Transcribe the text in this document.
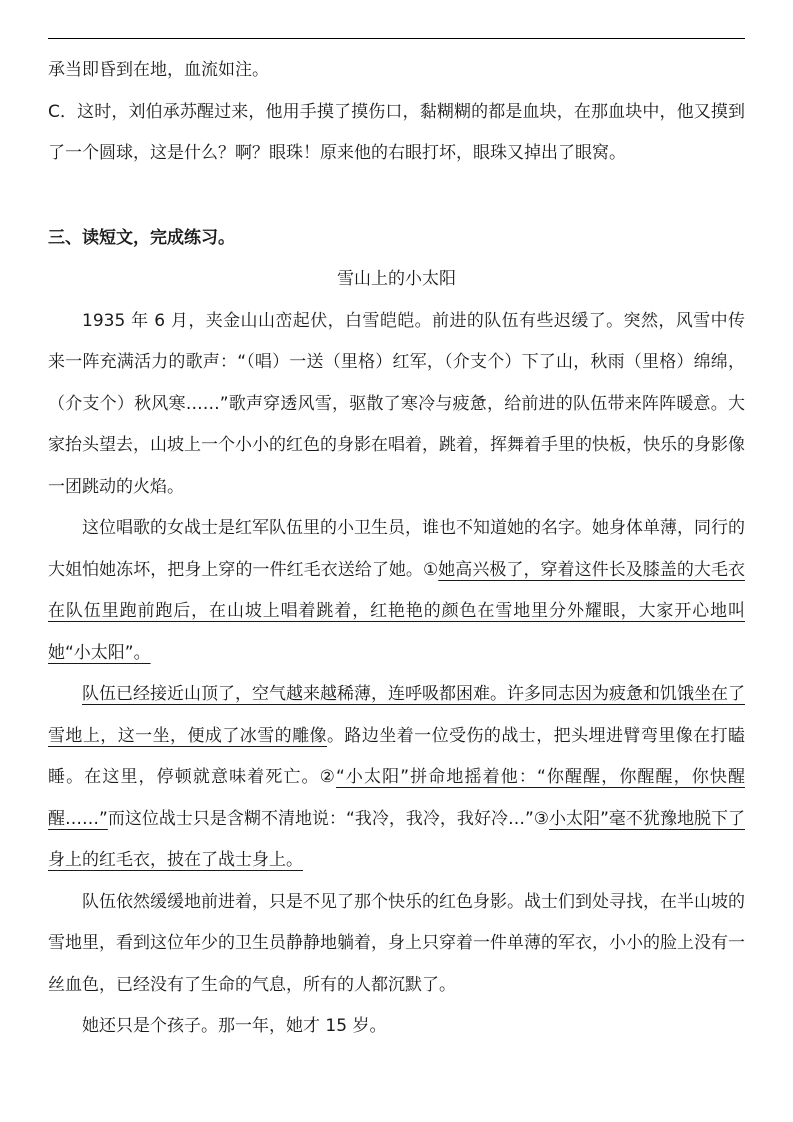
承当即昏到在地，血流如注。

C．这时，刘伯承苏醒过来，他用手摸了摸伤口，黏糊糊的都是血块，在那血块中，他又摸到了一个圆球，这是什么？啊？眼珠！原来他的右眼打坏，眼珠又掉出了眼窝。

三、读短文，完成练习。

雪山上的小太阳

1935 年 6 月，夹金山山峦起伏，白雪皑皑。前进的队伍有些迟缓了。突然，风雪中传来一阵充满活力的歌声：“（唱）一送（里格）红军，（介支个）下了山，秋雨（里格）绵绵，（介支个）秋风寒……”歌声穿透风雪，驱散了寒冷与疲惫，给前进的队伍带来阵阵暖意。大家抬头望去，山坡上一个小小的红色的身影在唱着，跳着，挥舞着手里的快板，快乐的身影像一团跳动的火焰。

这位唱歌的女战士是红军队伍里的小卫生员，谁也不知道她的名字。她身体单薄，同行的大姐怕她冻坏，把身上穿的一件红毛衣送给了她。①她高兴极了，穿着这件长及膝盖的大毛衣在队伍里跑前跑后，在山坡上唱着跳着，红艳艳的颜色在雪地里分外耀眼，大家开心地叫她“小太阳”。

队伍已经接近山顶了，空气越来越稀薄，连呼吸都困难。许多同志因为疲惫和饥饿坐在了雪地上，这一坐，便成了冰雪的雕像。路边坐着一位受伤的战士，把头埋进臂弯里像在打瞌睡。在这里，停顿就意味着死亡。②“小太阳”拼命地摇着他：“你醒醒，你醒醒，你快醒醒……”而这位战士只是含糊不清地说：“我冷，我冷，我好冷…”③小太阳”毫不犹豫地脱下了身上的红毛衣，披在了战士身上。

队伍依然缓缓地前进着，只是不见了那个快乐的红色身影。战士们到处寻找，在半山坡的雪地里，看到这位年少的卫生员静静地躺着，身上只穿着一件单薄的军衣，小小的脸上没有一丝血色，已经没有了生命的气息，所有的人都沉默了。

她还只是个孩子。那一年，她才 15 岁。
